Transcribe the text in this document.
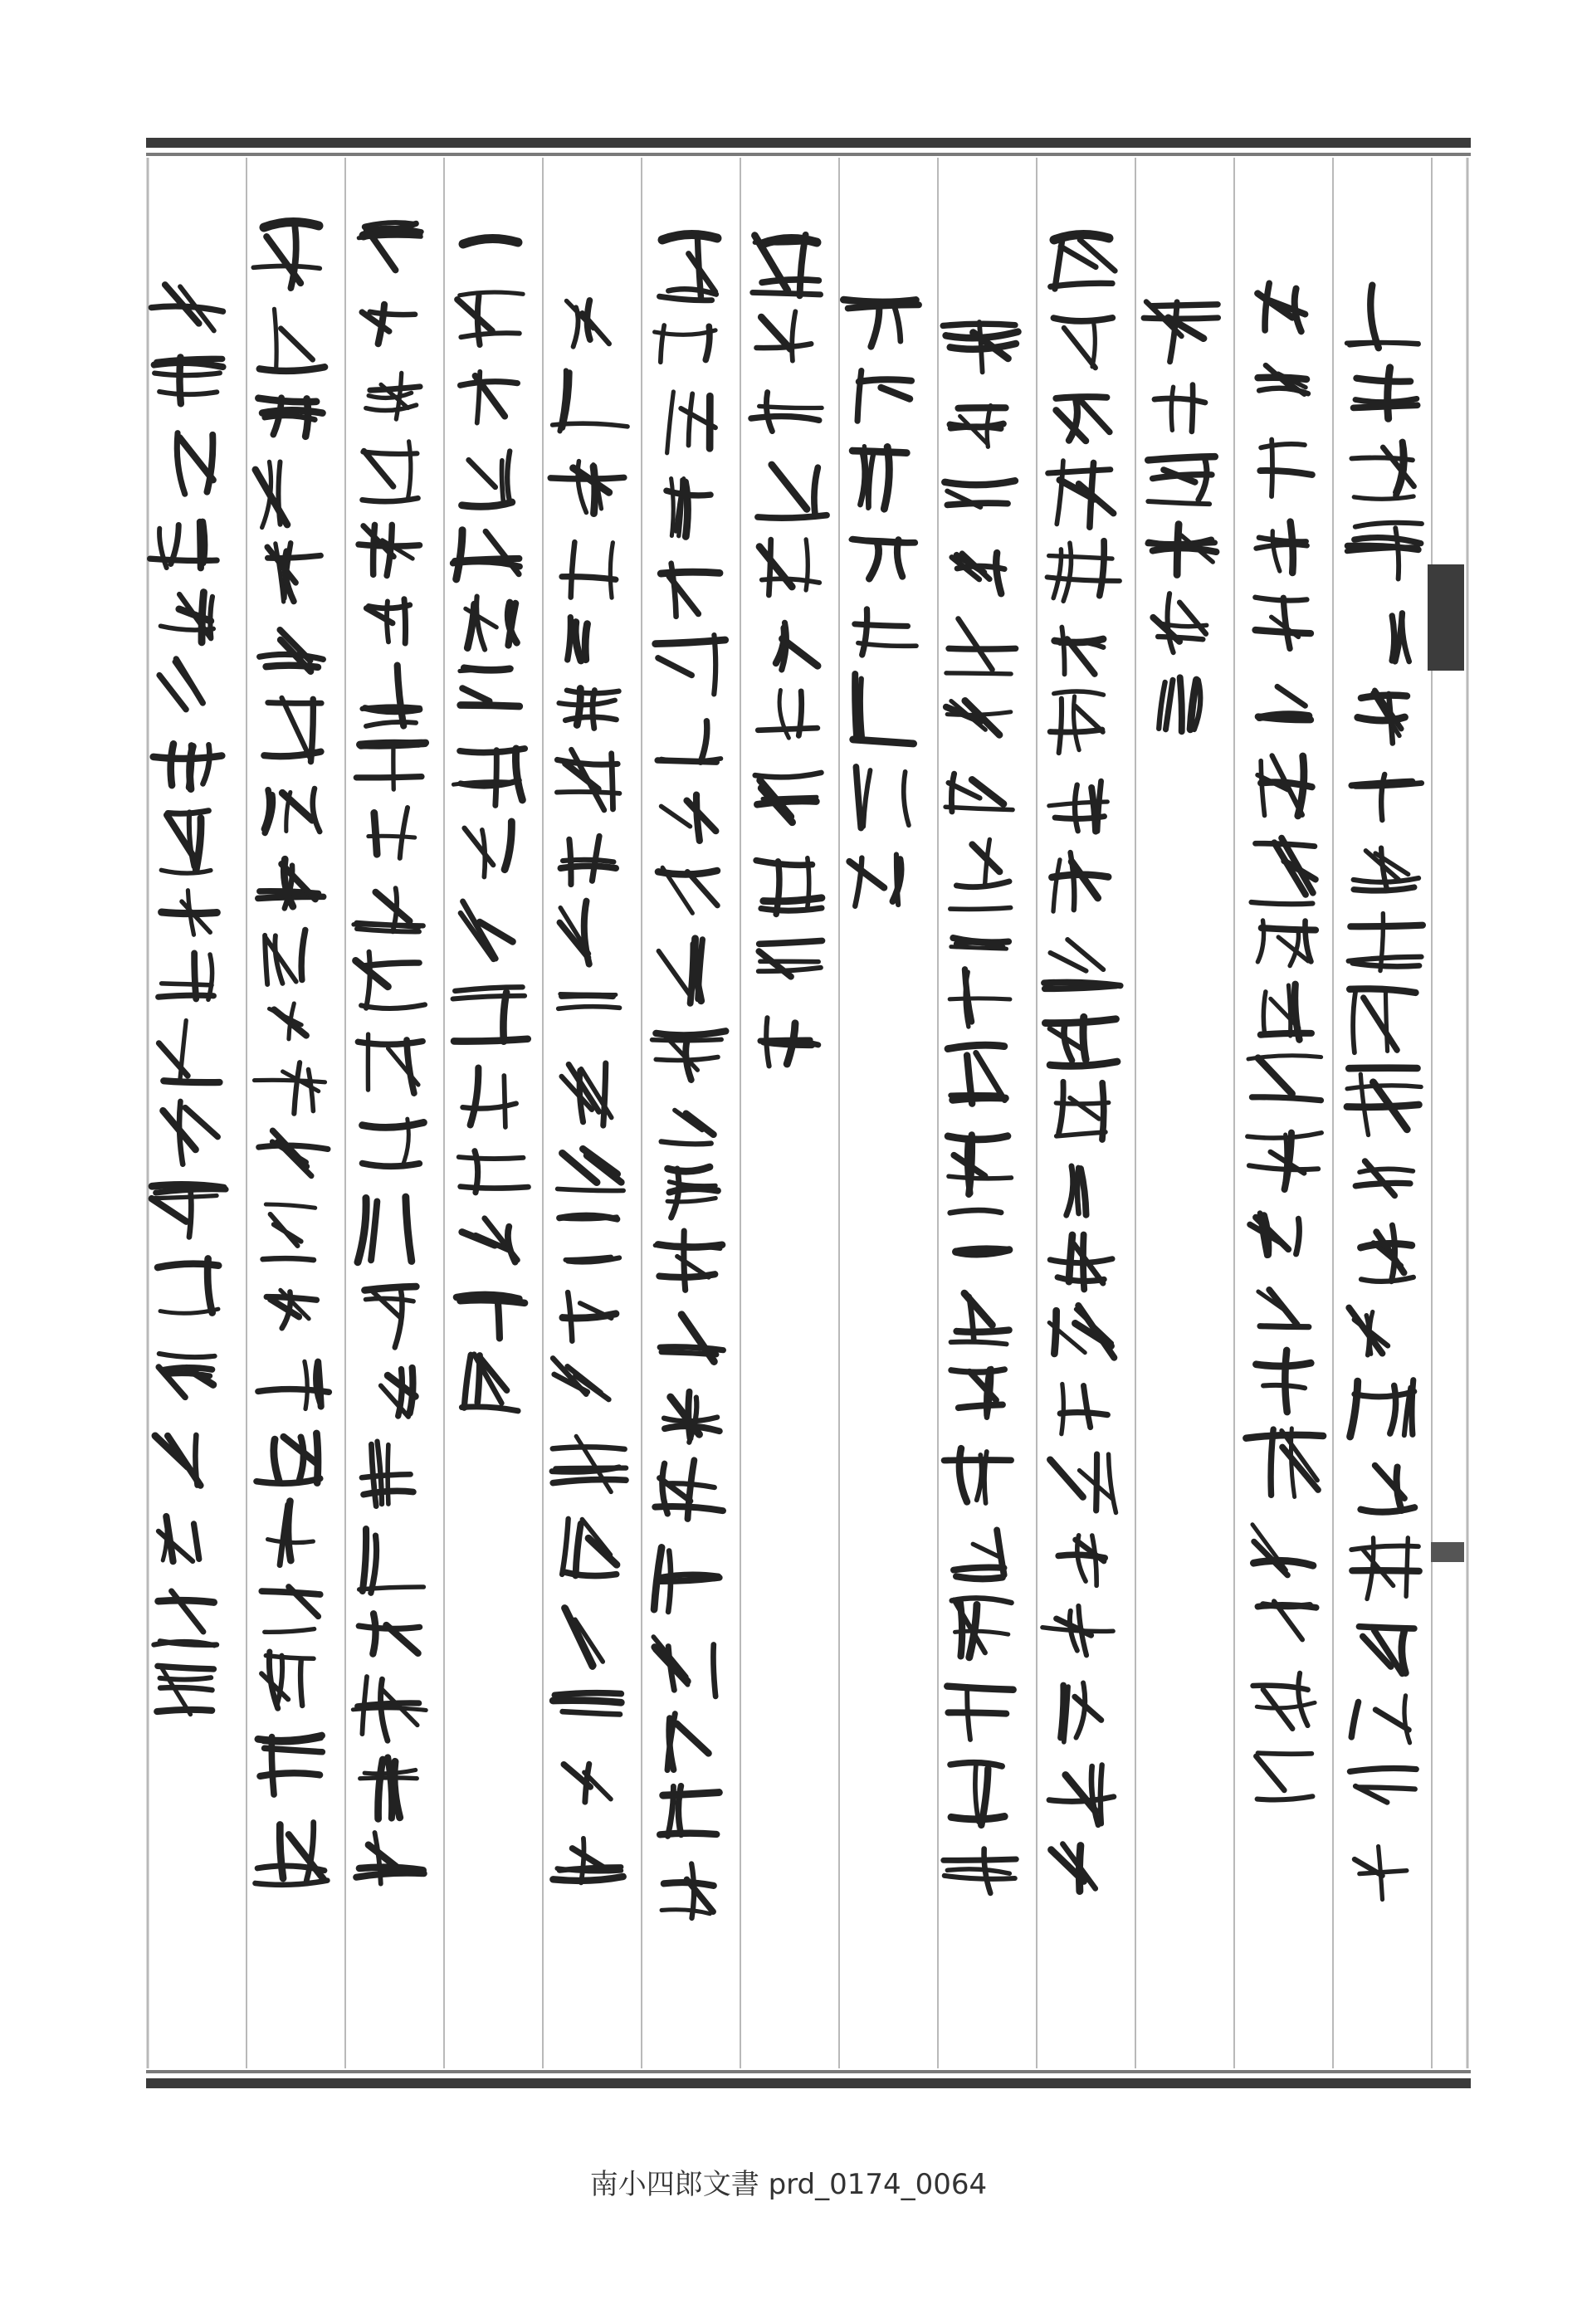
南小四郎文書 prd_0174_0064
